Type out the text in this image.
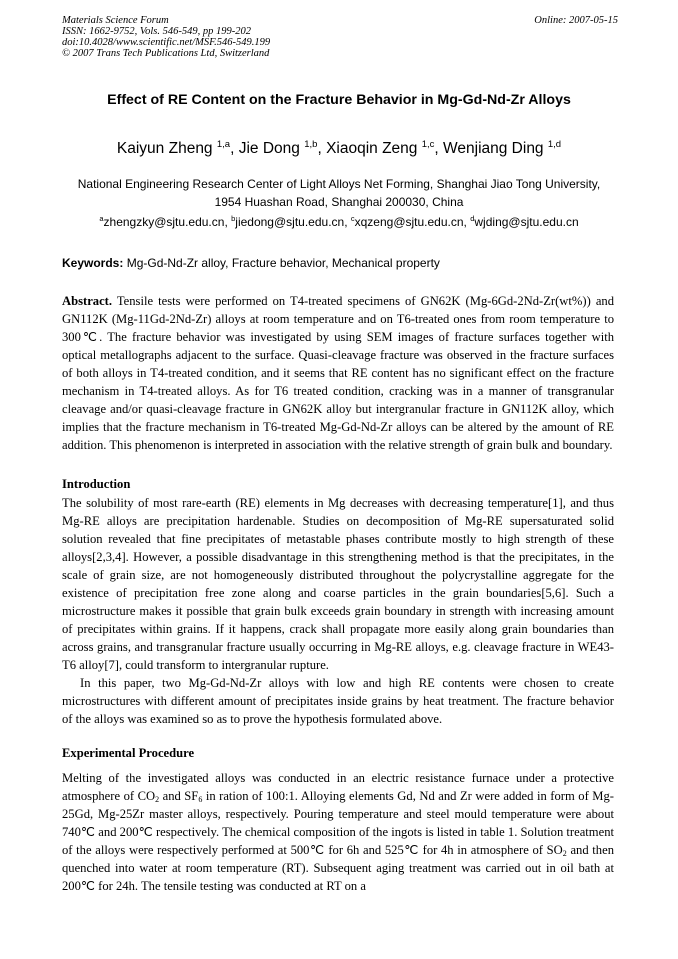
Materials Science Forum
ISSN: 1662-9752, Vols. 546-549, pp 199-202
doi:10.4028/www.scientific.net/MSF.546-549.199
© 2007 Trans Tech Publications Ltd, Switzerland
Online: 2007-05-15
Effect of RE Content on the Fracture Behavior in Mg-Gd-Nd-Zr Alloys
Kaiyun Zheng $^{1,a}$, Jie Dong $^{1,b}$, Xiaoqin Zeng $^{1,c}$, Wenjiang Ding $^{1,d}$
National Engineering Research Center of Light Alloys Net Forming, Shanghai Jiao Tong University, 1954 Huashan Road, Shanghai 200030, China
$^a$zhengzky@sjtu.edu.cn, $^b$jiedong@sjtu.edu.cn, $^c$xqzeng@sjtu.edu.cn, $^d$wjding@sjtu.edu.cn
Keywords: Mg-Gd-Nd-Zr alloy, Fracture behavior, Mechanical property

Abstract. Tensile tests were performed on T4-treated specimens of GN62K (Mg-6Gd-2Nd-Zr(wt%)) and GN112K (Mg-11Gd-2Nd-Zr) alloys at room temperature and on T6-treated ones from room temperature to 300℃. The fracture behavior was investigated by using SEM images of fracture surfaces together with optical metallographs adjacent to the surface. Quasi-cleavage fracture was observed in the fracture surfaces of both alloys in T4-treated condition, and it seems that RE content has no significant effect on the fracture mechanism in T4-treated alloys. As for T6 treated condition, cracking was in a manner of transgranular cleavage and/or quasi-cleavage fracture in GN62K alloy but intergranular fracture in GN112K alloy, which implies that the fracture mechanism in T6-treated Mg-Gd-Nd-Zr alloys can be altered by the amount of RE addition. This phenomenon is interpreted in association with the relative strength of grain bulk and boundary.

Introduction

The solubility of most rare-earth (RE) elements in Mg decreases with decreasing temperature[1], and thus Mg-RE alloys are precipitation hardenable. Studies on decomposition of Mg-RE supersaturated solid solution revealed that fine precipitates of metastable phases contribute mostly to high strength of these alloys[2,3,4]. However, a possible disadvantage in this strengthening method is that the precipitates, in the scale of grain size, are not homogeneously distributed throughout the polycrystalline aggregate for the existence of precipitation free zone along and coarse particles in the grain boundaries[5,6]. Such a microstructure makes it possible that grain bulk exceeds grain boundary in strength with increasing amount of precipitates within grains. If it happens, crack shall propagate more easily along grain boundaries than across grains, and transgranular fracture usually occurring in Mg-RE alloys, e.g. cleavage fracture in WE43-T6 alloy[7], could transform to intergranular rupture.

In this paper, two Mg-Gd-Nd-Zr alloys with low and high RE contents were chosen to create microstructures with different amount of precipitates inside grains by heat treatment. The fracture behavior of the alloys was examined so as to prove the hypothesis formulated above.

Experimental Procedure

Melting of the investigated alloys was conducted in an electric resistance furnace under a protective atmosphere of $CO_2$ and $SF_6$ in ration of 100:1. Alloying elements Gd, Nd and Zr were added in form of Mg-25Gd, Mg-25Zr master alloys, respectively. Pouring temperature and steel mould temperature were about 740℃ and 200℃ respectively. The chemical composition of the ingots is listed in table 1. Solution treatment of the alloys were respectively performed at 500℃ for 6h and 525℃ for 4h in atmosphere of $SO_2$ and then quenched into water at room temperature (RT). Subsequent aging treatment was carried out in oil bath at 200℃ for 24h. The tensile testing was conducted at RT on a
